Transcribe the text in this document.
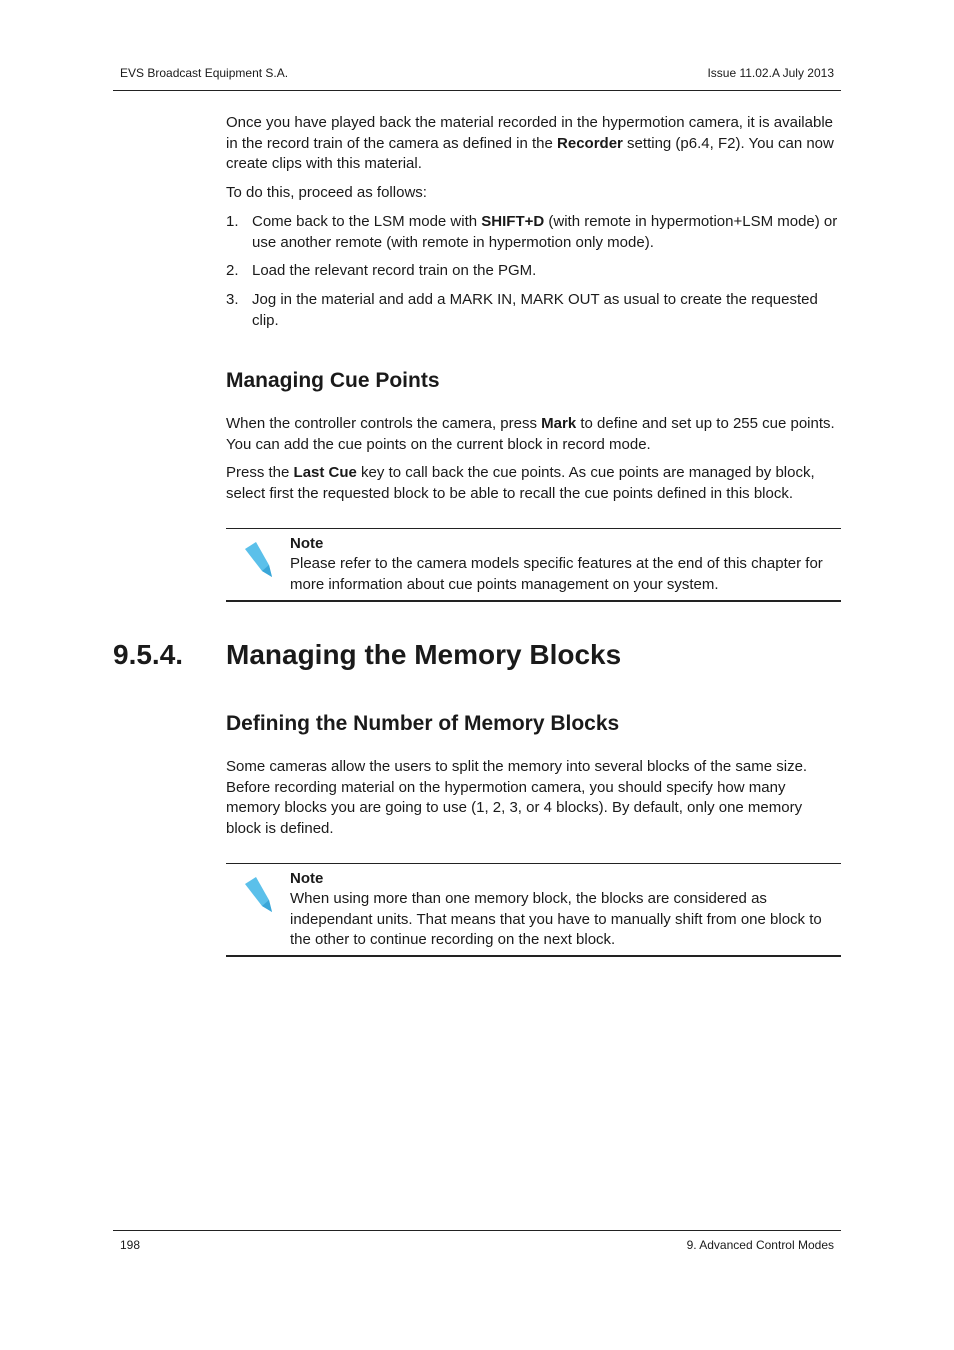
EVS Broadcast Equipment S.A.	Issue 11.02.A July 2013
Once you have played back the material recorded in the hypermotion camera, it is available in the record train of the camera as defined in the Recorder setting (p6.4, F2). You can now create clips with this material.
To do this, proceed as follows:
1. Come back to the LSM mode with SHIFT+D (with remote in hypermotion+LSM mode) or use another remote (with remote in hypermotion only mode).
2. Load the relevant record train on the PGM.
3. Jog in the material and add a MARK IN, MARK OUT as usual to create the requested clip.
Managing Cue Points
When the controller controls the camera, press Mark to define and set up to 255 cue points. You can add the cue points on the current block in record mode.
Press the Last Cue key to call back the cue points. As cue points are managed by block, select first the requested block to be able to recall the cue points defined in this block.
Note
Please refer to the camera models specific features at the end of this chapter for more information about cue points management on your system.
9.5.4. Managing the Memory Blocks
Defining the Number of Memory Blocks
Some cameras allow the users to split the memory into several blocks of the same size. Before recording material on the hypermotion camera, you should specify how many memory blocks you are going to use (1, 2, 3, or 4 blocks). By default, only one memory block is defined.
Note
When using more than one memory block, the blocks are considered as independant units. That means that you have to manually shift from one block to the other to continue recording on the next block.
198	9. Advanced Control Modes
